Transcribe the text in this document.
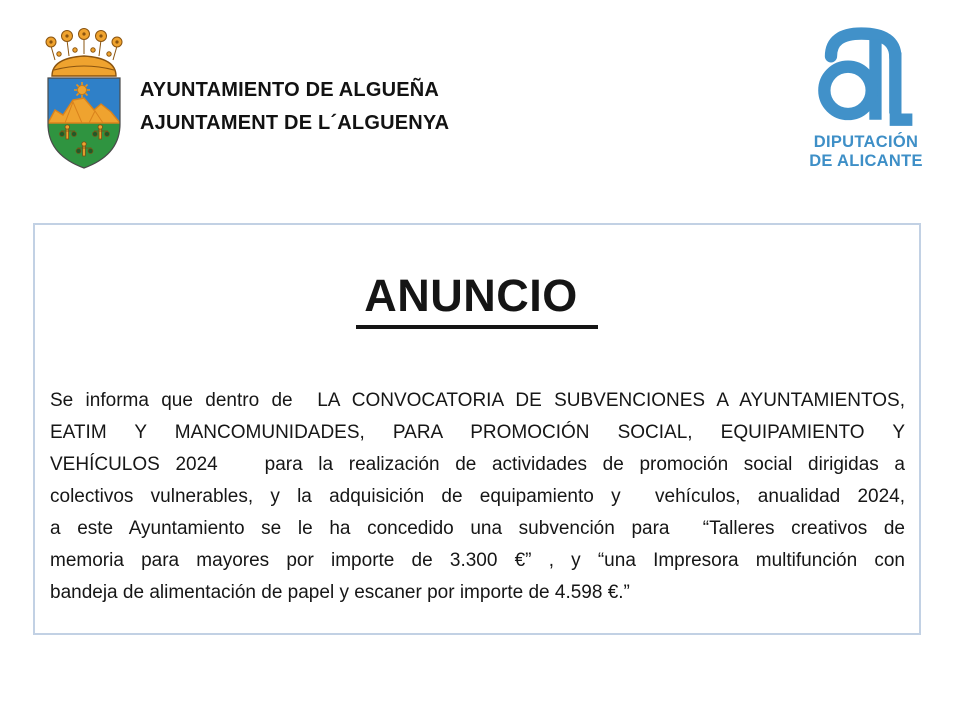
AYUNTAMIENTO DE ALGUEÑA
AJUNTAMENT DE L´ALGUENYA
DIPUTACIÓN
DE ALICANTE
ANUNCIO
Se informa que dentro de  LA CONVOCATORIA DE SUBVENCIONES A AYUNTAMIENTOS,
EATIM Y MANCOMUNIDADES, PARA PROMOCIÓN SOCIAL, EQUIPAMIENTO Y
VEHÍCULOS 2024   para la realización de actividades de promoción social dirigidas a
colectivos vulnerables, y la adquisición de equipamiento y  vehículos, anualidad 2024,
a este Ayuntamiento se le ha concedido una subvención para  “Talleres creativos de
memoria para mayores por importe de 3.300 €” , y “una Impresora multifunción con
bandeja de alimentación de papel y escaner por importe de 4.598 €.”
